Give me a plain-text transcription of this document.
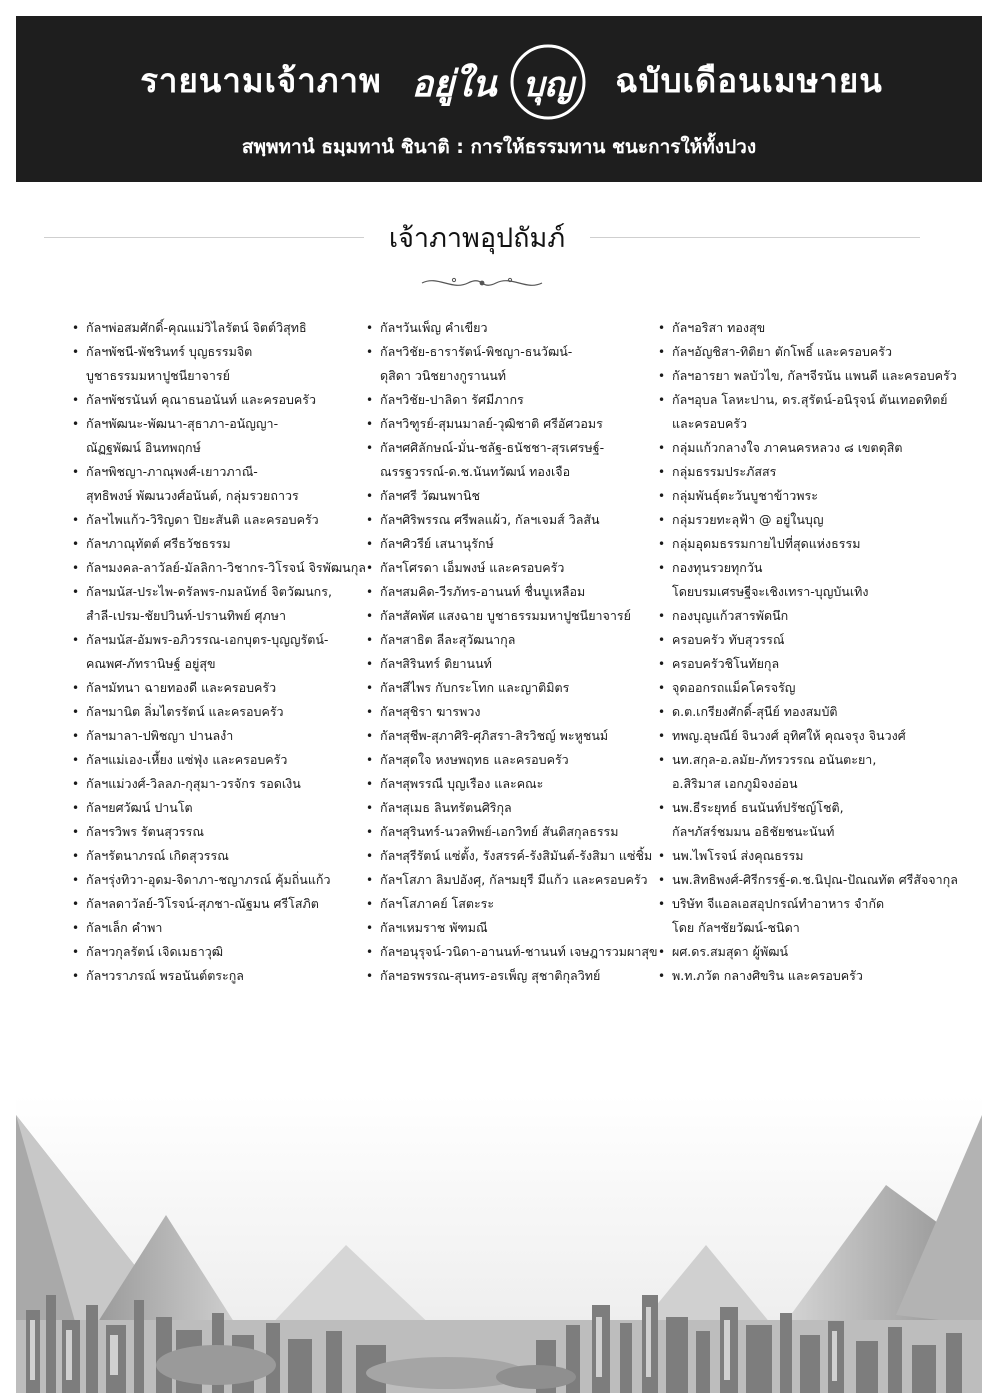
รายนามเจ้าภาพ อยู่ใน บุญ	ฉบับเดือนเมษายน
สพฺพทานํ ธมฺมทานํ ชินาติ : การให้ธรรมทาน ชนะการให้ทั้งปวง
เจ้าภาพอุปถัมภ์
• กัลฯพ่อสมศักดิ์-คุณแม่วิไลรัตน์ จิตต์วิสุทธิ
• กัลฯพัชนี-พัชรินทร์ บุญธรรมจิต
บูชาธรรมมหาปูชนียาจารย์
• กัลฯพัชรนันท์ คุณาธนอนันท์ และครอบครัว
• กัลฯพัฒนะ-พัฒนา-สุธาภา-อนัญญา-
ณัฏฐพัฒน์ อินทพฤกษ์
• กัลฯพิชญา-ภาณุพงศ์-เยาวภาณี-
สุทธิพงษ์ พัฒนวงศ์อนันต์, กลุ่มรวยถาวร
• กัลฯไพแก้ว-วิริญดา ปิยะสันติ และครอบครัว
• กัลฯภาณุทัตต์ ศรีธวัชธรรม
• กัลฯมงคล-ลาวัลย์-มัลลิกา-วิชากร-วิโรจน์ จิรพัฒนกุล
• กัลฯมนัส-ประไพ-ดรัลพร-กมลนัทธ์ จิตวัฒนกร,
สำลี-เปรม-ชัยปวินท์-ปรานทิพย์ ศุภษา
• กัลฯมนัส-อัมพร-อภิวรรณ-เอกบุตร-บุญญรัตน์-
คณพศ-ภัทรานิษฐ์ อยู่สุข
• กัลฯมัทนา ฉายทองดี และครอบครัว
• กัลฯมานิต ลิ่มไตรรัตน์ และครอบครัว
• กัลฯมาลา-ปพิชญา ปานลงำ
• กัลฯแม่เอง-เหี้ยง แซ่ฟุ่ง และครอบครัว
• กัลฯแม่วงศ์-วิลลภ-กุสุมา-วรจักร รอดเงิน
• กัลฯยศวัฒน์ ปานโต
• กัลฯรวิพร รัตนสุวรรณ
• กัลฯรัตนาภรณ์ เกิดสุวรรณ
• กัลฯรุ่งทิวา-อุดม-จิดาภา-ชญาภรณ์ คุ้มถิ่นแก้ว
• กัลฯลดาวัลย์-วิโรจน์-สุภชา-ณัฐมน ศรีโสภิต
• กัลฯเล็ก คำพา
• กัลฯวกุลรัตน์ เจิดเมธาวุฒิ
• กัลฯวราภรณ์ พรอนันต์ตระกูล
• กัลฯวันเพ็ญ คำเขียว
• กัลฯวิชัย-ธารารัตน์-พิชญา-ธนวัฒน์-
ดุสิดา วนิชยางกูรานนท์
• กัลฯวิชัย-ปาลิดา รัศมีภากร
• กัลฯวิฑูรย์-สุมนมาลย์-วุฒิชาติ ศรีอัศวอมร
• กัลฯศศิลักษณ์-มั่น-ชลัฐ-ธนัชชา-สุรเศรษฐ์-
ณรรฐวรรณ์-ด.ช.นันทวัฒน์ ทองเจือ
• กัลฯศรี วัฒนพานิช
• กัลฯศิริพรรณ ศรีพลแผ้ว, กัลฯเจมส์ วิลสัน
• กัลฯศิวรีย์ เสนานุรักษ์
• กัลฯโศรดา เอ็มพงษ์ และครอบครัว
• กัลฯสมคิด-วีรภัทร-อานนท์ ชื่นบูเหลือม
• กัลฯสัคพัศ แสงฉาย บูชาธรรมมหาปูชนียาจารย์
• กัลฯสาธิต ลีละสุวัฒนากุล
• กัลฯสิรินทร์ ติยานนท์
• กัลฯสีไพร กับกระโทก และญาติมิตร
• กัลฯสุชิรา ฆารพวง
• กัลฯสุชีพ-สุภาศิริ-ศุภิสรา-สิรวิชญ์ พะหูชนม์
• กัลฯสุดใจ หงษพฤทธ และครอบครัว
• กัลฯสุพรรณี บุญเรือง และคณะ
• กัลฯสุเมธ ลินทรัตนศิริกุล
• กัลฯสุรินทร์-นวลทิพย์-เอกวิทย์ สันติสกุลธรรม
• กัลฯสุรีรัตน์ แซ่ตั้ง, รังสรรค์-รังสิมันต์-รังสิมา แซ่ชิ้ม
• กัลฯโสภา ลิมปอังศุ, กัลฯมยุรี มีแก้ว และครอบครัว
• กัลฯโสภาคย์ โสตะระ
• กัลฯเหมราช พัฑมณี
• กัลฯอนุรุจน์-วนิดา-อานนท์-ชานนท์ เจษฎารวมผาสุข
• กัลฯอรพรรณ-สุนทร-อรเพ็ญ สุชาติกุลวิทย์
• กัลฯอริสา ทองสุข
• กัลฯอัญชิสา-ทิติยา ตักโพธิ์ และครอบครัว
• กัลฯอารยา พลบัวไข, กัลฯจีรนัน แพนดี และครอบครัว
• กัลฯอุบล โลหะปาน, ดร.สุรัตน์-อนิรุจน์ ตันเทอดทิตย์
และครอบครัว
• กลุ่มแก้วกลางใจ ภาคนครหลวง ๘ เขตดุสิต
• กลุ่มธรรมประภัสสร
• กลุ่มพันธุ์ตะวันบูชาข้าวพระ
• กลุ่มรวยทะลุฟ้า @ อยู่ในบุญ
• กลุ่มอุดมธรรมกายไปที่สุดแห่งธรรม
• กองทุนรวยทุกวัน
โดยบรมเศรษฐีจะเชิงเทรา-บุญบันเทิง
• กองบุญแก้วสารพัดนึก
• ครอบครัว ทับสุวรรณ์
• ครอบครัวชิโนทัยกุล
• จุดออกรถแม็คโครจรัญ
• ด.ต.เกรียงศักดิ์-สุนีย์ ทองสมบัติ
• ทพญ.อุษณีย์ จินวงศ์ อุทิศให้ คุณจรุง จินวงศ์
• นท.สกุล-อ.ลมัย-ภัทรวรรณ อนันตะยา,
อ.สิริมาส เอกภูมิจงอ่อน
• นพ.ธีระยุทธ์ ธนนันท์ปรัชญ์โชติ,
กัลฯภัสร์ชมมน อธิชัยชนะนันท์
• นพ.ไพโรจน์ ส่งคุณธรรม
• นพ.สิทธิพงศ์-ศิรีกรรฐ์-ด.ช.นิปุณ-ปัณณทัต ศรีสัจจากุล
• บริษัท จีแอลเอสอุปกรณ์ทำอาหาร จำกัด
โดย กัลฯชัยวัฒน์-ชนิดา
• ผศ.ดร.สมสุดา ผู้พัฒน์
• พ.ท.ภวัต กลางศิขริน และครอบครัว
